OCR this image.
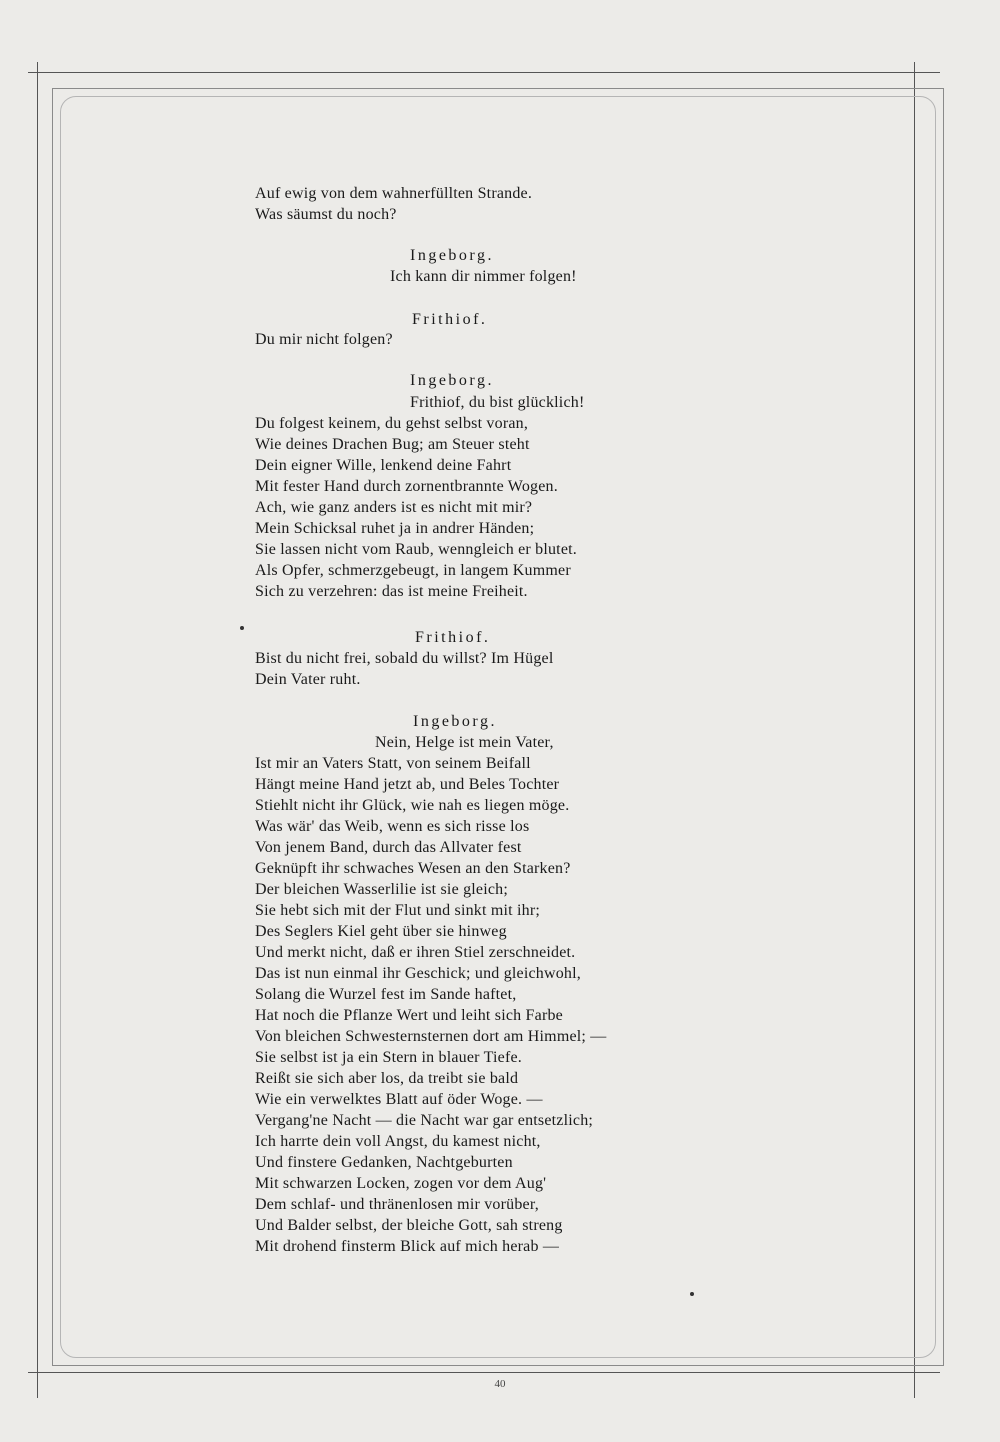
Auf ewig von dem wahnerfüllten Strande.
Was säumst du noch?
Ingeborg.
Ich kann dir nimmer folgen!
Frithiof.
Du mir nicht folgen?
Ingeborg.
Frithiof, du bist glücklich!
Du folgest keinem, du gehst selbst voran,
Wie deines Drachen Bug; am Steuer steht
Dein eigner Wille, lenkend deine Fahrt
Mit fester Hand durch zornentbrannte Wogen.
Ach, wie ganz anders ist es nicht mit mir?
Mein Schicksal ruhet ja in andrer Händen;
Sie lassen nicht vom Raub, wenngleich er blutet.
Als Opfer, schmerzgebeugt, in langem Kummer
Sich zu verzehren: das ist meine Freiheit.
Frithiof.
Bist du nicht frei, sobald du willst? Im Hügel
Dein Vater ruht.
Ingeborg.
Nein, Helge ist mein Vater,
Ist mir an Vaters Statt, von seinem Beifall
Hängt meine Hand jetzt ab, und Beles Tochter
Stiehlt nicht ihr Glück, wie nah es liegen möge.
Was wär' das Weib, wenn es sich risse los
Von jenem Band, durch das Allvater fest
Geknüpft ihr schwaches Wesen an den Starken?
Der bleichen Wasserlilie ist sie gleich;
Sie hebt sich mit der Flut und sinkt mit ihr;
Des Seglers Kiel geht über sie hinweg
Und merkt nicht, daß er ihren Stiel zerschneidet.
Das ist nun einmal ihr Geschick; und gleichwohl,
Solang die Wurzel fest im Sande haftet,
Hat noch die Pflanze Wert und leiht sich Farbe
Von bleichen Schwesternsternen dort am Himmel; —
Sie selbst ist ja ein Stern in blauer Tiefe.
Reißt sie sich aber los, da treibt sie bald
Wie ein verwelktes Blatt auf öder Woge. —
Vergang'ne Nacht — die Nacht war gar entsetzlich;
Ich harrte dein voll Angst, du kamest nicht,
Und finstere Gedanken, Nachtgeburten
Mit schwarzen Locken, zogen vor dem Aug'
Dem schlaf- und thränenlosen mir vorüber,
Und Balder selbst, der bleiche Gott, sah streng
Mit drohend finsterm Blick auf mich herab —
40
